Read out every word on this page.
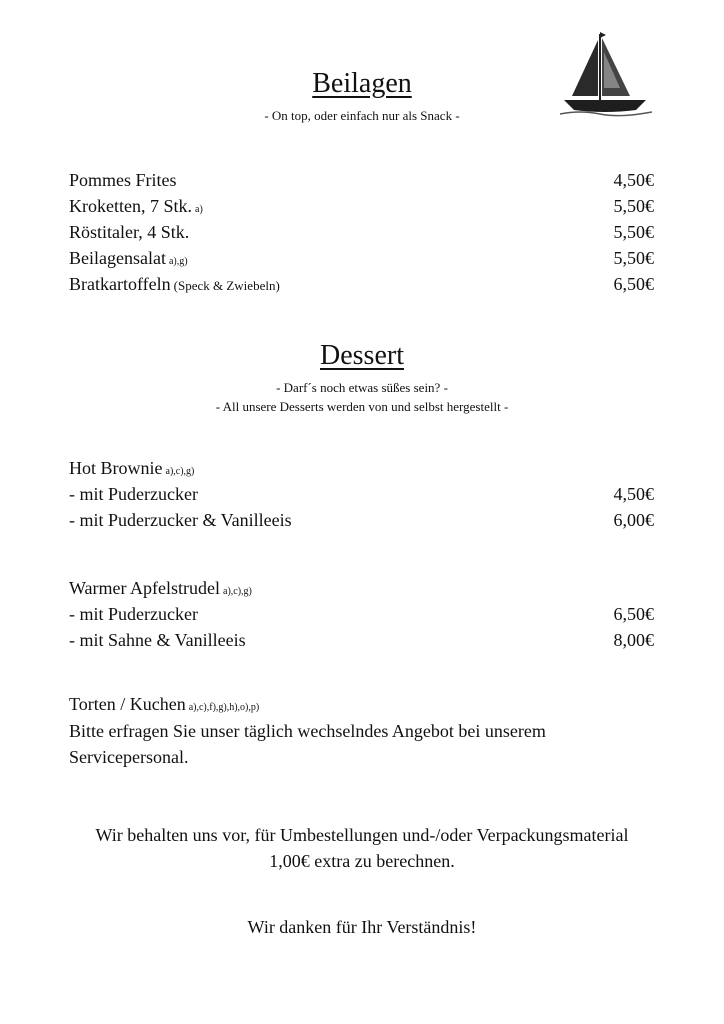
Beilagen
- On top, oder einfach nur als Snack -
Pommes Frites	4,50€
Kroketten, 7 Stk. a)	5,50€
Röstitaler, 4 Stk.	5,50€
Beilagensalat a),g)	5,50€
Bratkartoffeln (Speck & Zwiebeln)	6,50€
Dessert
- Darf´s noch etwas süßes sein? -
- All unsere Desserts werden von und selbst hergestellt -
Hot Brownie a),c),g)
- mit Puderzucker	4,50€
- mit Puderzucker & Vanilleeis	6,00€
Warmer Apfelstrudel a),c),g)
- mit Puderzucker	6,50€
- mit Sahne & Vanilleeis	8,00€
Torten / Kuchen a),c),f),g),h),o),p)
Bitte erfragen Sie unser täglich wechselndes Angebot bei unserem Servicepersonal.
Wir behalten uns vor, für Umbestellungen und-/oder Verpackungsmaterial
1,00€ extra zu berechnen.
Wir danken für Ihr Verständnis!
